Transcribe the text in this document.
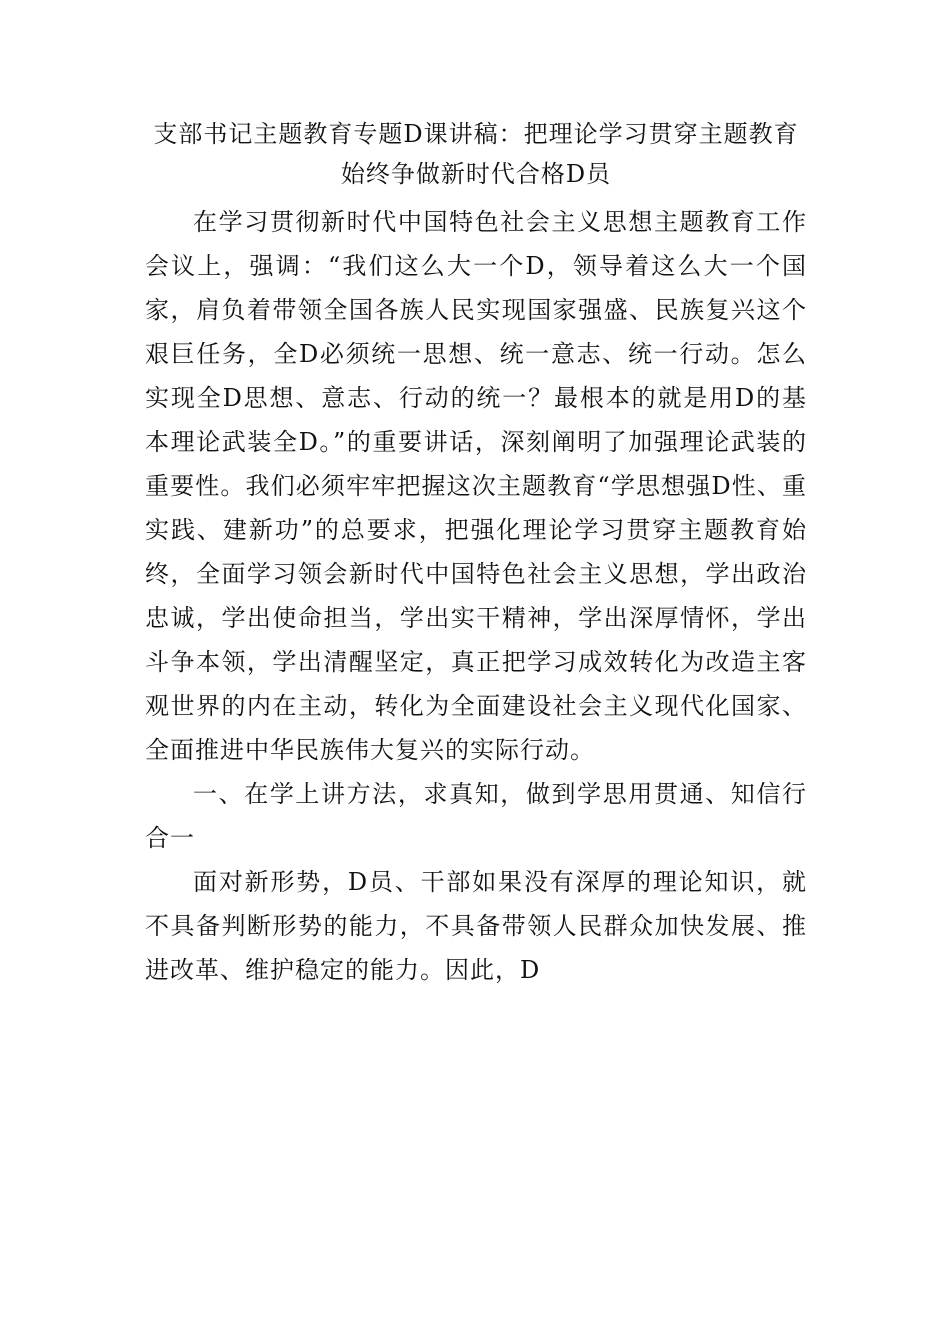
支部书记主题教育专题D课讲稿：把理论学习贯穿主题教育
始终争做新时代合格D员

在学习贯彻新时代中国特色社会主义思想主题教育工作会议上，强调：“我们这么大一个D，领导着这么大一个国家，肩负着带领全国各族人民实现国家强盛、民族复兴这个艰巨任务，全D必须统一思想、统一意志、统一行动。怎么实现全D思想、意志、行动的统一？最根本的就是用D的基本理论武装全D。”的重要讲话，深刻阐明了加强理论武装的重要性。我们必须牢牢把握这次主题教育“学思想强D性、重实践、建新功”的总要求，把强化理论学习贯穿主题教育始终，全面学习领会新时代中国特色社会主义思想，学出政治忠诚，学出使命担当，学出实干精神，学出深厚情怀，学出斗争本领，学出清醒坚定，真正把学习成效转化为改造主客观世界的内在主动，转化为全面建设社会主义现代化国家、全面推进中华民族伟大复兴的实际行动。

一、在学上讲方法，求真知，做到学思用贯通、知信行合一

面对新形势，D员、干部如果没有深厚的理论知识，就不具备判断形势的能力，不具备带领人民群众加快发展、推进改革、维护稳定的能力。因此，D
